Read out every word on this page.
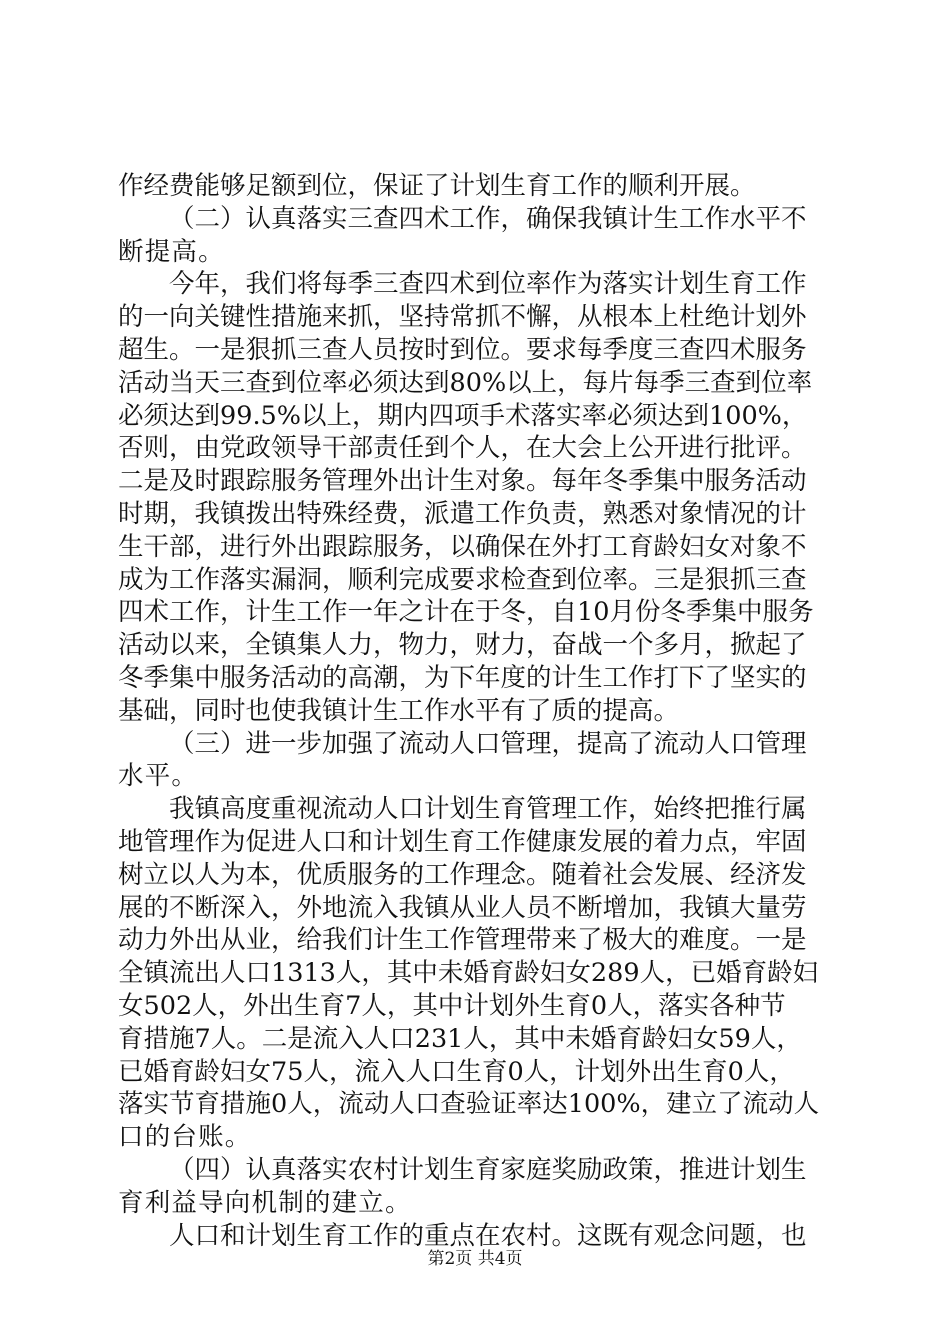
作经费能够足额到位，保证了计划生育工作的顺利开展。
（二）认真落实三查四术工作，确保我镇计生工作水平不
断提高。
今年，我们将每季三查四术到位率作为落实计划生育工作
的一向关键性措施来抓，坚持常抓不懈，从根本上杜绝计划外
超生。一是狠抓三查人员按时到位。要求每季度三查四术服务
活动当天三查到位率必须达到80%以上，每片每季三查到位率
必须达到99.5%以上，期内四项手术落实率必须达到100%，
否则，由党政领导干部责任到个人，在大会上公开进行批评。
二是及时跟踪服务管理外出计生对象。每年冬季集中服务活动
时期，我镇拨出特殊经费，派遣工作负责，熟悉对象情况的计
生干部，进行外出跟踪服务，以确保在外打工育龄妇女对象不
成为工作落实漏洞，顺利完成要求检查到位率。三是狠抓三查
四术工作，计生工作一年之计在于冬，自10月份冬季集中服务
活动以来，全镇集人力，物力，财力，奋战一个多月，掀起了
冬季集中服务活动的高潮，为下年度的计生工作打下了坚实的
基础，同时也使我镇计生工作水平有了质的提高。
（三）进一步加强了流动人口管理，提高了流动人口管理
水平。
我镇高度重视流动人口计划生育管理工作，始终把推行属
地管理作为促进人口和计划生育工作健康发展的着力点，牢固
树立以人为本，优质服务的工作理念。随着社会发展、经济发
展的不断深入，外地流入我镇从业人员不断增加，我镇大量劳
动力外出从业，给我们计生工作管理带来了极大的难度。一是
全镇流出人口1313人，其中未婚育龄妇女289人，已婚育龄妇
女502人，外出生育7人，其中计划外生育0人，落实各种节
育措施7人。二是流入人口231人，其中未婚育龄妇女59人，
已婚育龄妇女75人，流入人口生育0人，计划外出生育0人，
落实节育措施0人，流动人口查验证率达100%，建立了流动人
口的台账。
（四）认真落实农村计划生育家庭奖励政策，推进计划生
育利益导向机制的建立。
人口和计划生育工作的重点在农村。这既有观念问题，也
第2页 共4页
